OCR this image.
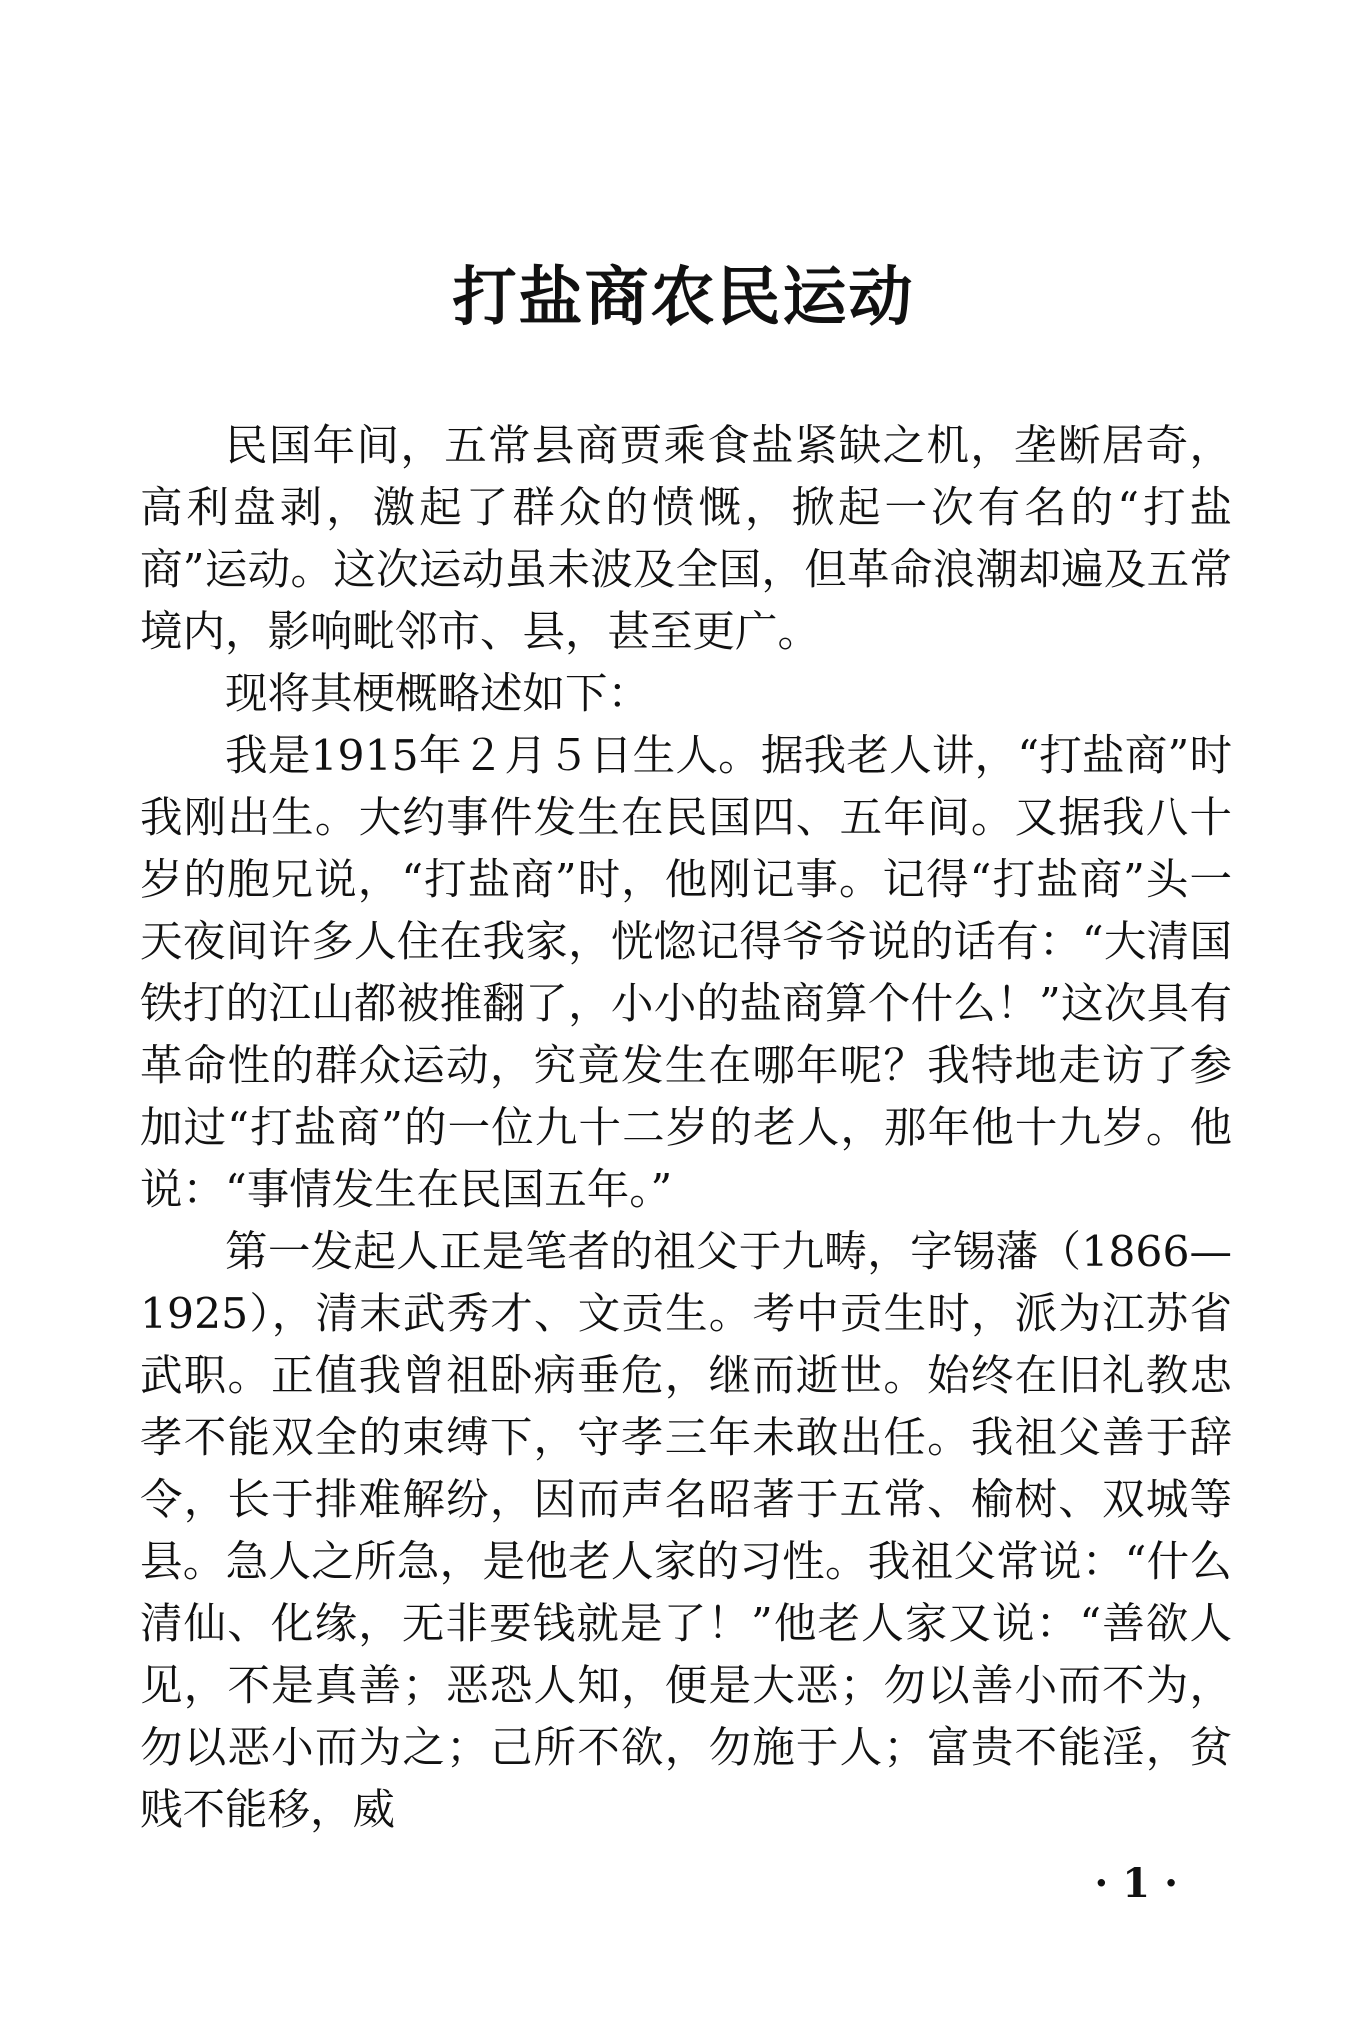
打盐商农民运动

民国年间，五常县商贾乘食盐紧缺之机，垄断居奇，高利盘剥，激起了群众的愤慨，掀起一次有名的“打盐商”运动。这次运动虽未波及全国，但革命浪潮却遍及五常境内，影响毗邻市、县，甚至更广。

现将其梗概略述如下：

我是1915年２月５日生人。据我老人讲，“打盐商”时我刚出生。大约事件发生在民国四、五年间。又据我八十岁的胞兄说，“打盐商”时，他刚记事。记得“打盐商”头一天夜间许多人住在我家，恍惚记得爷爷说的话有：“大清国铁打的江山都被推翻了，小小的盐商算个什么！”这次具有革命性的群众运动，究竟发生在哪年呢？我特地走访了参加过“打盐商”的一位九十二岁的老人，那年他十九岁。他说：“事情发生在民国五年。”

第一发起人正是笔者的祖父于九畴，字锡藩（1866—1925），清末武秀才、文贡生。考中贡生时，派为江苏省武职。正值我曾祖卧病垂危，继而逝世。始终在旧礼教忠孝不能双全的束缚下，守孝三年未敢出任。我祖父善于辞令，长于排难解纷，因而声名昭著于五常、榆树、双城等县。急人之所急，是他老人家的习性。我祖父常说：“什么清仙、化缘，无非要钱就是了！”他老人家又说：“善欲人见，不是真善；恶恐人知，便是大恶；勿以善小而不为，勿以恶小而为之；己所不欲，勿施于人；富贵不能淫，贫贱不能移，威

·1·
